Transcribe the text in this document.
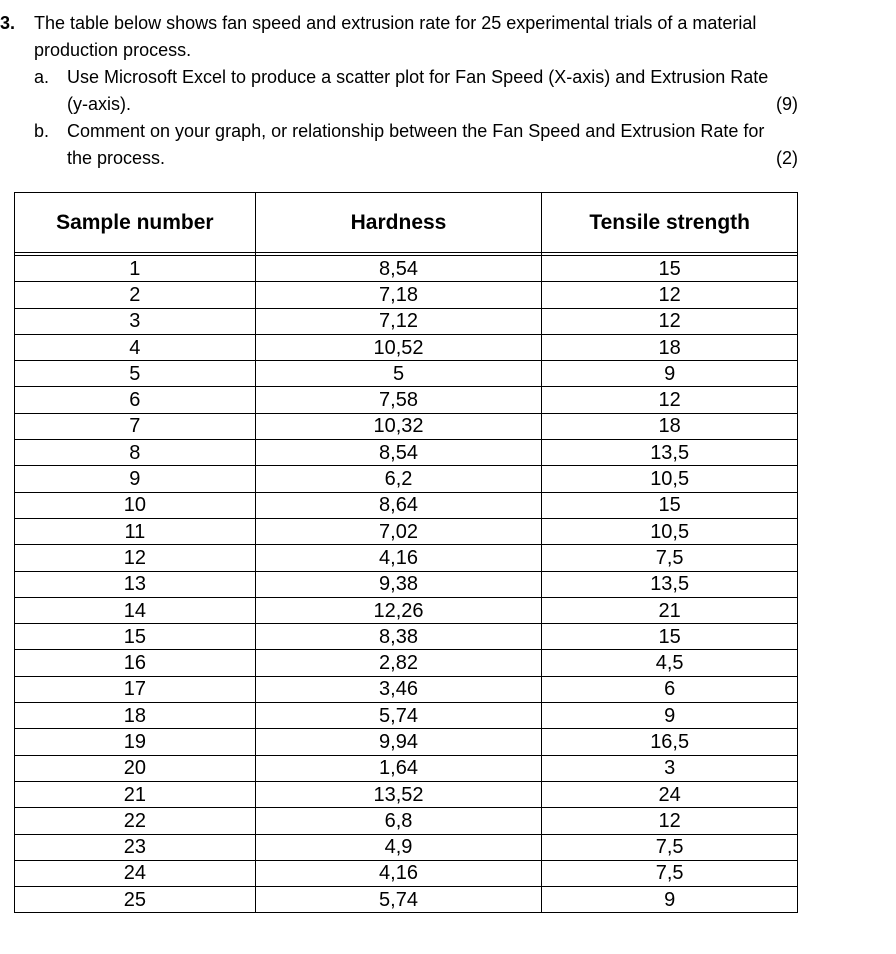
3. The table below shows fan speed and extrusion rate for 25 experimental trials of a material
production process.
a. Use Microsoft Excel to produce a scatter plot for Fan Speed (X-axis) and Extrusion Rate
(y-axis).	(9)
b. Comment on your graph, or relationship between the Fan Speed and Extrusion Rate for
the process.	(2)
Sample number	Hardness	Tensile strength

1	8,54	15
2	7,18	12
3	7,12	12
4	10,52	18
5	5	9
6	7,58	12
7	10,32	18
8	8,54	13,5
9	6,2	10,5
10	8,64	15
11	7,02	10,5
12	4,16	7,5
13	9,38	13,5
14	12,26	21
15	8,38	15
16	2,82	4,5
17	3,46	6
18	5,74	9
19	9,94	16,5
20	1,64	3
21	13,52	24
22	6,8	12
23	4,9	7,5
24	4,16	7,5
25	5,74	9
